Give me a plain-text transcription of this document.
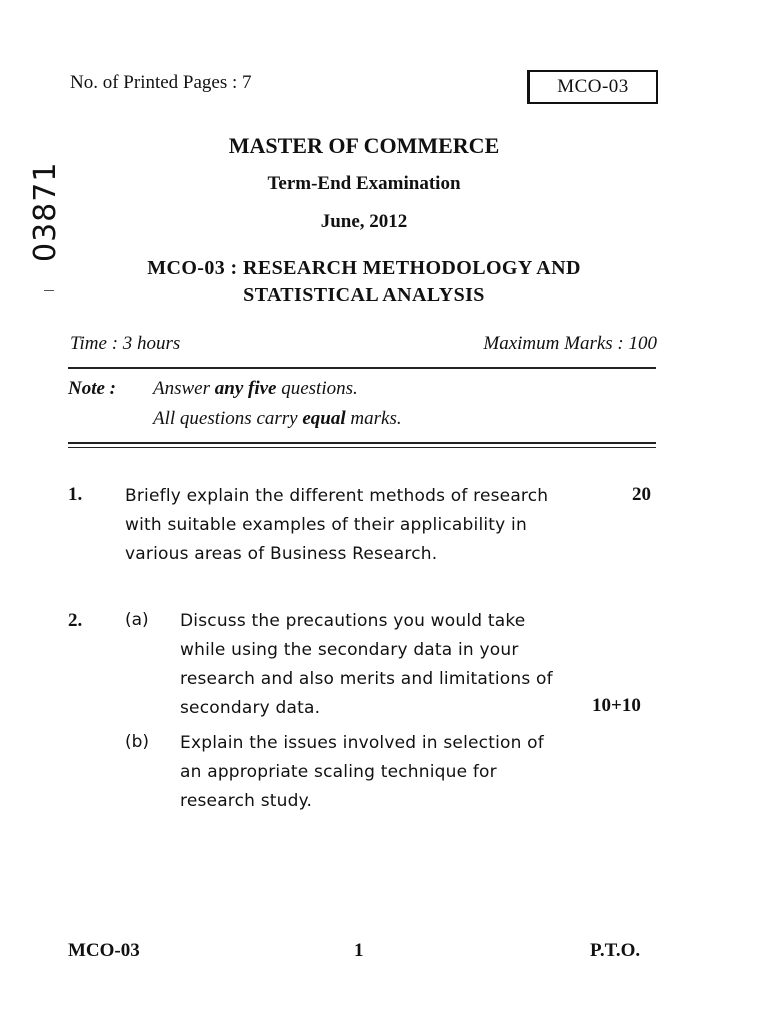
03871
No. of Printed Pages : 7	MCO-03
MASTER OF COMMERCE
Term-End Examination
June, 2012
MCO-03 : RESEARCH METHODOLOGY AND
STATISTICAL ANALYSIS
Time : 3 hours	Maximum Marks : 100
Note : Answer any five questions.
All questions carry equal marks.
1.	Briefly explain the different methods of research
with suitable examples of their applicability in
various areas of Business Research.
20
2.	(a) Discuss the precautions you would take
while using the secondary data in your
research and also merits and limitations of
secondary data.	10+10
(b) Explain the issues involved in selection of
an appropriate scaling technique for
research study.
MCO-03	1	P.T.O.
